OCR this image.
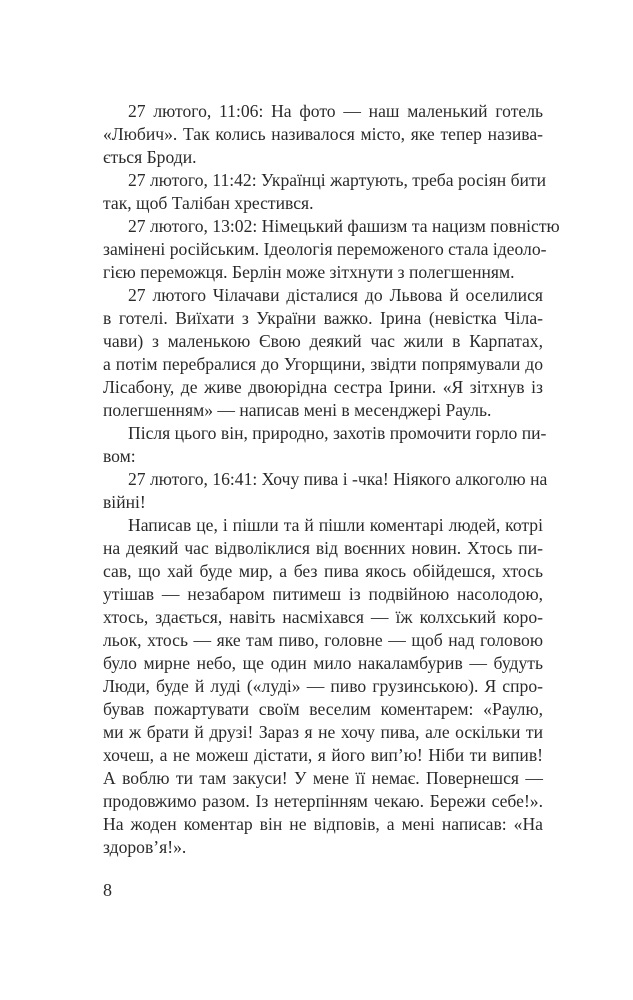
27 лютого, 11:06: На фото — наш маленький готель
«Любич». Так колись називалося місто, яке тепер назива-
ється Броди.
27 лютого, 11:42: Українці жартують, треба росіян бити
так, щоб Талібан хрестився.
27 лютого, 13:02: Німецький фашизм та нацизм повністю
замінені російським. Ідеологія переможеного стала ідеоло-
гією переможця. Берлін може зітхнути з полегшенням.
27 лютого Чілачави дісталися до Львова й оселилися
в готелі. Виїхати з України важко. Ірина (невістка Чіла-
чави) з маленькою Євою деякий час жили в Карпатах,
а потім перебралися до Угорщини, звідти попрямували до
Лісабону, де живе двоюрідна сестра Ірини. «Я зітхнув із
полегшенням» — написав мені в месенджері Рауль.
Після цього він, природно, захотів промочити горло пи-
вом:
27 лютого, 16:41: Хочу пива і -чка! Ніякого алкоголю на
війні!
Написав це, і пішли та й пішли коментарі людей, котрі
на деякий час відволіклися від воєнних новин. Хтось пи-
сав, що хай буде мир, а без пива якось обійдешся, хтось
утішав — незабаром питимеш із подвійною насолодою,
хтось, здається, навіть насміхався — їж колхський коро-
льок, хтось — яке там пиво, головне — щоб над головою
було мирне небо, ще один мило накаламбурив — будуть
Люди, буде й луді («луді» — пиво грузинською). Я спро-
бував пожартувати своїм веселим коментарем: «Раулю,
ми ж брати й друзі! Зараз я не хочу пива, але оскільки ти
хочеш, а не можеш дістати, я його вип’ю! Ніби ти випив!
А воблю ти там закуси! У мене її немає. Повернешся —
продовжимо разом. Із нетерпінням чекаю. Бережи себе!».
На жоден коментар він не відповів, а мені написав: «На
здоров’я!».
8
